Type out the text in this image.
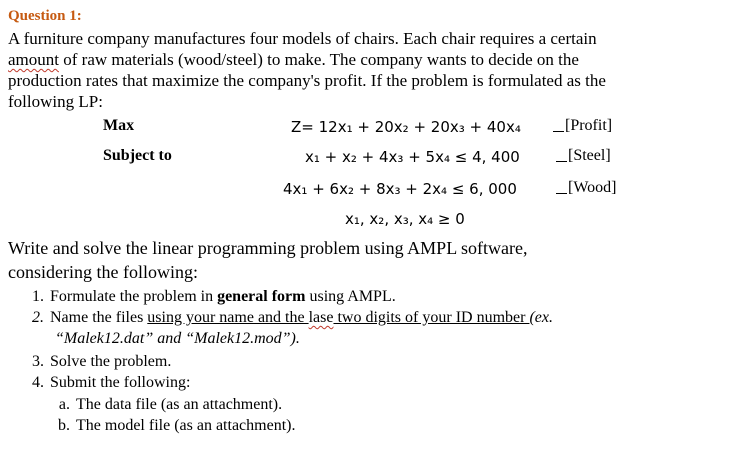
Question 1:
A furniture company manufactures four models of chairs. Each chair requires a certain
amount of raw materials (wood/steel) to make. The company wants to decide on the
production rates that maximize the company's profit. If the problem is formulated as the
following LP:
Max
Subject to
Z= 12x₁ + 20x₂ + 20x₃ + 40x₄
x₁ + x₂ + 4x₃ + 5x₄ ≤ 4, 400
4x₁ + 6x₂ + 8x₃ + 2x₄ ≤ 6, 000
x₁, x₂, x₃, x₄ ≥ 0
[Profit]
[Steel]
[Wood]
Write and solve the linear programming problem using AMPL software,
considering the following:
1. Formulate the problem in general form using AMPL.
2. Name the files using your name and the lase two digits of your ID number (ex.
“Malek12.dat” and “Malek12.mod”).
3. Solve the problem.
4. Submit the following:
a. The data file (as an attachment).
b. The model file (as an attachment).
